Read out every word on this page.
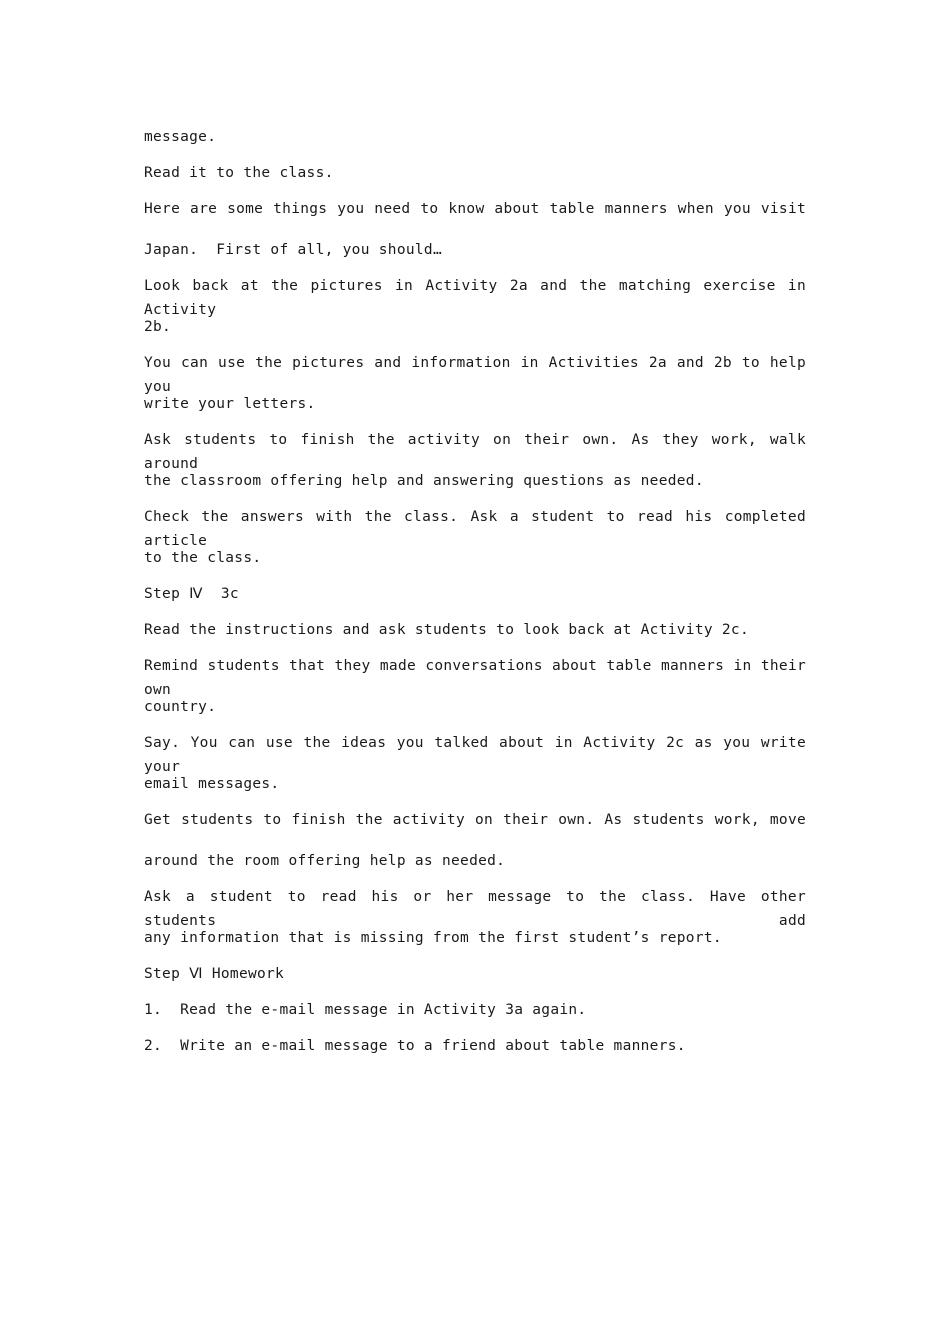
message.
Read it to the class.
Here are some things you need to know about table manners when you visit
Japan.  First of all, you should…
Look back at the pictures in Activity 2a and the matching exercise in Activity
2b.
You can use the pictures and information in Activities 2a and 2b to help you
write your letters.
Ask students to finish the activity on their own. As they work, walk around
the classroom offering help and answering questions as needed.
Check the answers with the class. Ask a student to read his completed article
to the class.
Step Ⅳ  3c
Read the instructions and ask students to look back at Activity 2c.
Remind students that they made conversations about table manners in their own
country.
Say. You can use the ideas you talked about in Activity 2c as you write your
email messages.
Get students to finish the activity on their own. As students work, move
around the room offering help as needed.
Ask a student to read his or her message to the class. Have other students add
any information that is missing from the first student’s report.
Step Ⅵ Homework
1.  Read the e-mail message in Activity 3a again.
2.  Write an e-mail message to a friend about table manners.
